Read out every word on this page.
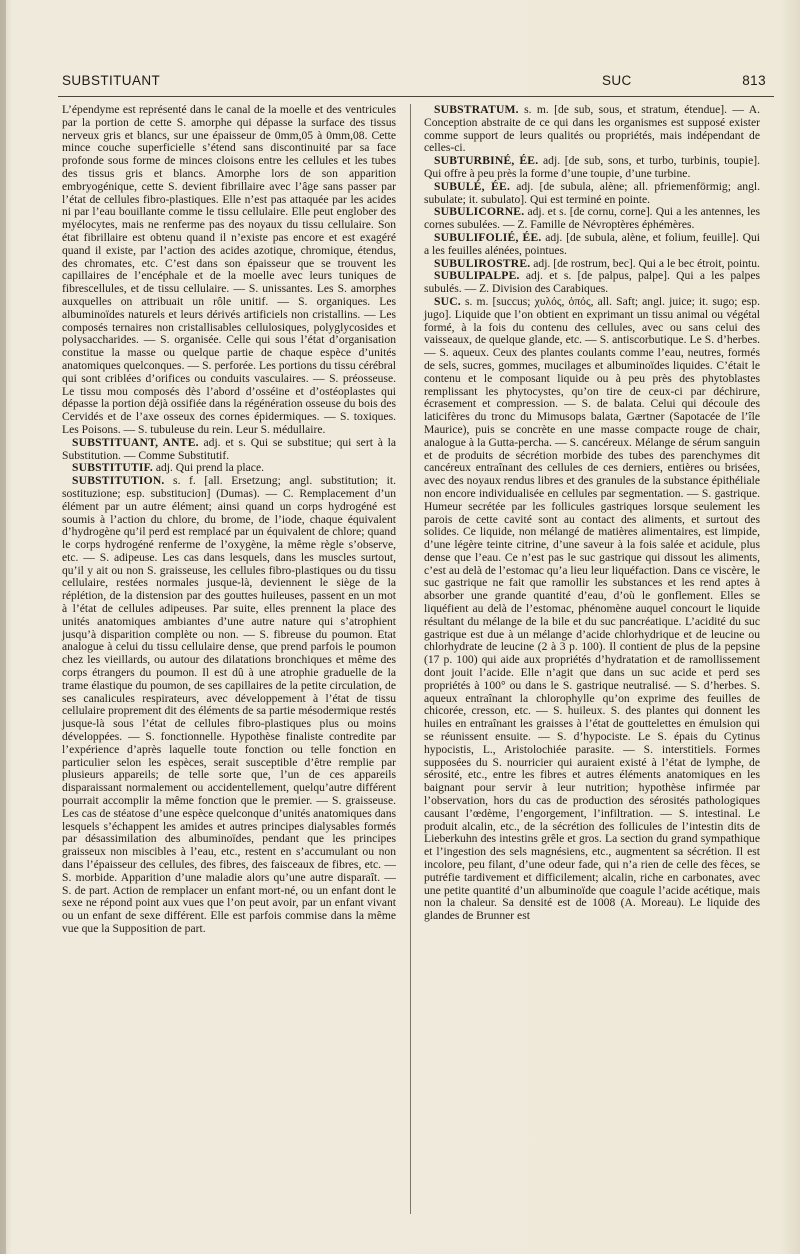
SUBSTITUANT	SUC	813

L’épendyme est représenté dans le canal de la moelle et des ventricules par la portion de cette S. amorphe qui dépasse la surface des tissus nerveux gris et blancs, sur une épaisseur de 0mm,05 à 0mm,08. Cette mince couche superficielle s’étend sans discontinuité par sa face profonde sous forme de minces cloisons entre les cellules et les tubes des tissus gris et blancs. Amorphe lors de son apparition embryogénique, cette S. devient fibrillaire avec l’âge sans passer par l’état de cellules fibro-plastiques. Elle n’est pas attaquée par les acides ni par l’eau bouillante comme le tissu cellulaire. Elle peut englober des myélocytes, mais ne renferme pas des noyaux du tissu cellulaire. Son état fibrillaire est obtenu quand il n’existe pas encore et est exagéré quand il existe, par l’action des acides azotique, chromique, étendus, des chromates, etc. C’est dans son épaisseur que se trouvent les capillaires de l’encéphale et de la moelle avec leurs tuniques de fibrescellules, et de tissu cellulaire. — S. unissantes. Les S. amorphes auxquelles on attribuait un rôle unitif. — S. organiques. Les albuminoïdes naturels et leurs dérivés artificiels non cristallins. — Les composés ternaires non cristallisables cellulosiques, polyglycosides et polysaccharides. — S. organisée. Celle qui sous l’état d’organisation constitue la masse ou quelque partie de chaque espèce d’unités anatomiques quelconques. — S. perforée. Les portions du tissu cérébral qui sont criblées d’orifices ou conduits vasculaires. — S. préosseuse. Le tissu mou composés dès l’abord d’osséine et d’ostéoplastes qui dépasse la portion déjà ossifiée dans la régénération osseuse du bois des Cervidés et de l’axe osseux des cornes épidermiques. — S. toxiques. Les Poisons. — S. tubuleuse du rein. Leur S. médullaire.

SUBSTITUANT, ANTE. adj. et s. Qui se substitue; qui sert à la Substitution. — Comme Substitutif.

SUBSTITUTIF. adj. Qui prend la place.

SUBSTITUTION. s. f. [all. Ersetzung; angl. substitution; it. sostituzione; esp. substitucion] (Dumas). — C. Remplacement d’un élément par un autre élément; ainsi quand un corps hydrogéné est soumis à l’action du chlore, du brome, de l’iode, chaque équivalent d’hydrogène qu’il perd est remplacé par un équivalent de chlore; quand le corps hydrogéné renferme de l’oxygène, la même règle s’observe, etc. — S. adipeuse. Les cas dans lesquels, dans les muscles surtout, qu’il y ait ou non S. graisseuse, les cellules fibro-plastiques ou du tissu cellulaire, restées normales jusque-là, deviennent le siège de la réplétion, de la distension par des gouttes huileuses, passent en un mot à l’état de cellules adipeuses. Par suite, elles prennent la place des unités anatomiques ambiantes d’une autre nature qui s’atrophient jusqu’à disparition complète ou non. — S. fibreuse du poumon. Etat analogue à celui du tissu cellulaire dense, que prend parfois le poumon chez les vieillards, ou autour des dilatations bronchiques et même des corps étrangers du poumon. Il est dû à une atrophie graduelle de la trame élastique du poumon, de ses capillaires de la petite circulation, de ses canalicules respirateurs, avec développement à l’état de tissu cellulaire proprement dit des éléments de sa partie mésodermique restés jusque-là sous l’état de cellules fibro-plastiques plus ou moins développées. — S. fonctionnelle. Hypothèse finaliste contredite par l’expérience d’après laquelle toute fonction ou telle fonction en particulier selon les espèces, serait susceptible d’être remplie par plusieurs appareils; de telle sorte que, l’un de ces appareils disparaissant normalement ou accidentellement, quelqu’autre différent pourrait accomplir la même fonction que le premier. — S. graisseuse. Les cas de stéatose d’une espèce quelconque d’unités anatomiques dans lesquels s’échappent les amides et autres principes dialysables formés par désassimilation des albuminoïdes, pendant que les principes graisseux non miscibles à l’eau, etc., restent en s’accumulant ou non dans l’épaisseur des cellules, des fibres, des faisceaux de fibres, etc. — S. morbide. Apparition d’une maladie alors qu’une autre disparaît. — S. de part. Action de remplacer un enfant mort-né, ou un enfant dont le sexe ne répond point aux vues que l’on peut avoir, par un enfant vivant ou un enfant de sexe différent. Elle est parfois commise dans la même vue que la Supposition de part.

SUBSTRATUM. s. m. [de sub, sous, et stratum, étendue]. — A. Conception abstraite de ce qui dans les organismes est supposé exister comme support de leurs qualités ou propriétés, mais indépendant de celles-ci.

SUBTURBINÉ, ÉE. adj. [de sub, sons, et turbo, turbinis, toupie]. Qui offre à peu près la forme d’une toupie, d’une turbine.

SUBULÉ, ÉE. adj. [de subula, alène; all. pfriemenförmig; angl. subulate; it. subulato]. Qui est terminé en pointe.

SUBULICORNE. adj. et s. [de cornu, corne]. Qui a les antennes, les cornes subulées. — Z. Famille de Névroptères éphémères.

SUBULIFOLIÉ, ÉE. adj. [de subula, alène, et folium, feuille]. Qui a les feuilles alénées, pointues.

SUBULIROSTRE. adj. [de rostrum, bec]. Qui a le bec étroit, pointu.

SUBULIPALPE. adj. et s. [de palpus, palpe]. Qui a les palpes subulés. — Z. Division des Carabiques.

SUC. s. m. [succus; χυλός, ὀπός, all. Saft; angl. juice; it. sugo; esp. jugo]. Liquide que l’on obtient en exprimant un tissu animal ou végétal formé, à la fois du contenu des cellules, avec ou sans celui des vaisseaux, de quelque glande, etc. — S. antiscorbutique. Le S. d’herbes. — S. aqueux. Ceux des plantes coulants comme l’eau, neutres, formés de sels, sucres, gommes, mucilages et albuminoïdes liquides. C’était le contenu et le composant liquide ou à peu près des phytoblastes remplissant les phytocystes, qu’on tire de ceux-ci par déchirure, écrasement et compression. — S. de balata. Celui qui découle des laticifères du tronc du Mimusops balata, Gærtner (Sapotacée de l’île Maurice), puis se concrète en une masse compacte rouge de chair, analogue à la Gutta-percha. — S. cancéreux. Mélange de sérum sanguin et de produits de sécrétion morbide des tubes des parenchymes dit cancéreux entraînant des cellules de ces derniers, entières ou brisées, avec des noyaux rendus libres et des granules de la substance épithéliale non encore individualisée en cellules par segmentation. — S. gastrique. Humeur secrétée par les follicules gastriques lorsque seulement les parois de cette cavité sont au contact des aliments, et surtout des solides. Ce liquide, non mélangé de matières alimentaires, est limpide, d’une légère teinte citrine, d’une saveur à la fois salée et acidule, plus dense que l’eau. Ce n’est pas le suc gastrique qui dissout les aliments, c’est au delà de l’estomac qu’a lieu leur liquéfaction. Dans ce viscère, le suc gastrique ne fait que ramollir les substances et les rend aptes à absorber une grande quantité d’eau, d’où le gonflement. Elles se liquéfient au delà de l’estomac, phénomène auquel concourt le liquide résultant du mélange de la bile et du suc pancréatique. L’acidité du suc gastrique est due à un mélange d’acide chlorhydrique et de leucine ou chlorhydrate de leucine (2 à 3 p. 100). Il contient de plus de la pepsine (17 p. 100) qui aide aux propriétés d’hydratation et de ramollissement dont jouit l’acide. Elle n’agit que dans un suc acide et perd ses propriétés à 100° ou dans le S. gastrique neutralisé. — S. d’herbes. S. aqueux entraînant la chlorophylle qu’on exprime des feuilles de chicorée, cresson, etc. — S. huileux. S. des plantes qui donnent les huiles en entraînant les graisses à l’état de gouttelettes en émulsion qui se réunissent ensuite. — S. d’hypociste. Le S. épais du Cytinus hypocistis, L., Aristolochiée parasite. — S. interstitiels. Formes supposées du S. nourricier qui auraient existé à l’état de lymphe, de sérosité, etc., entre les fibres et autres éléments anatomiques en les baignant pour servir à leur nutrition; hypothèse infirmée par l’observation, hors du cas de production des sérosités pathologiques causant l’œdème, l’engorgement, l’infiltration. — S. intestinal. Le produit alcalin, etc., de la sécrétion des follicules de l’intestin dits de Lieberkuhn des intestins grêle et gros. La section du grand sympathique et l’ingestion des sels magnésiens, etc., augmentent sa sécrétion. Il est incolore, peu filant, d’une odeur fade, qui n’a rien de celle des fèces, se putréfie tardivement et difficilement; alcalin, riche en carbonates, avec une petite quantité d’un albuminoïde que coagule l’acide acétique, mais non la chaleur. Sa densité est de 1008 (A. Moreau). Le liquide des glandes de Brunner est
